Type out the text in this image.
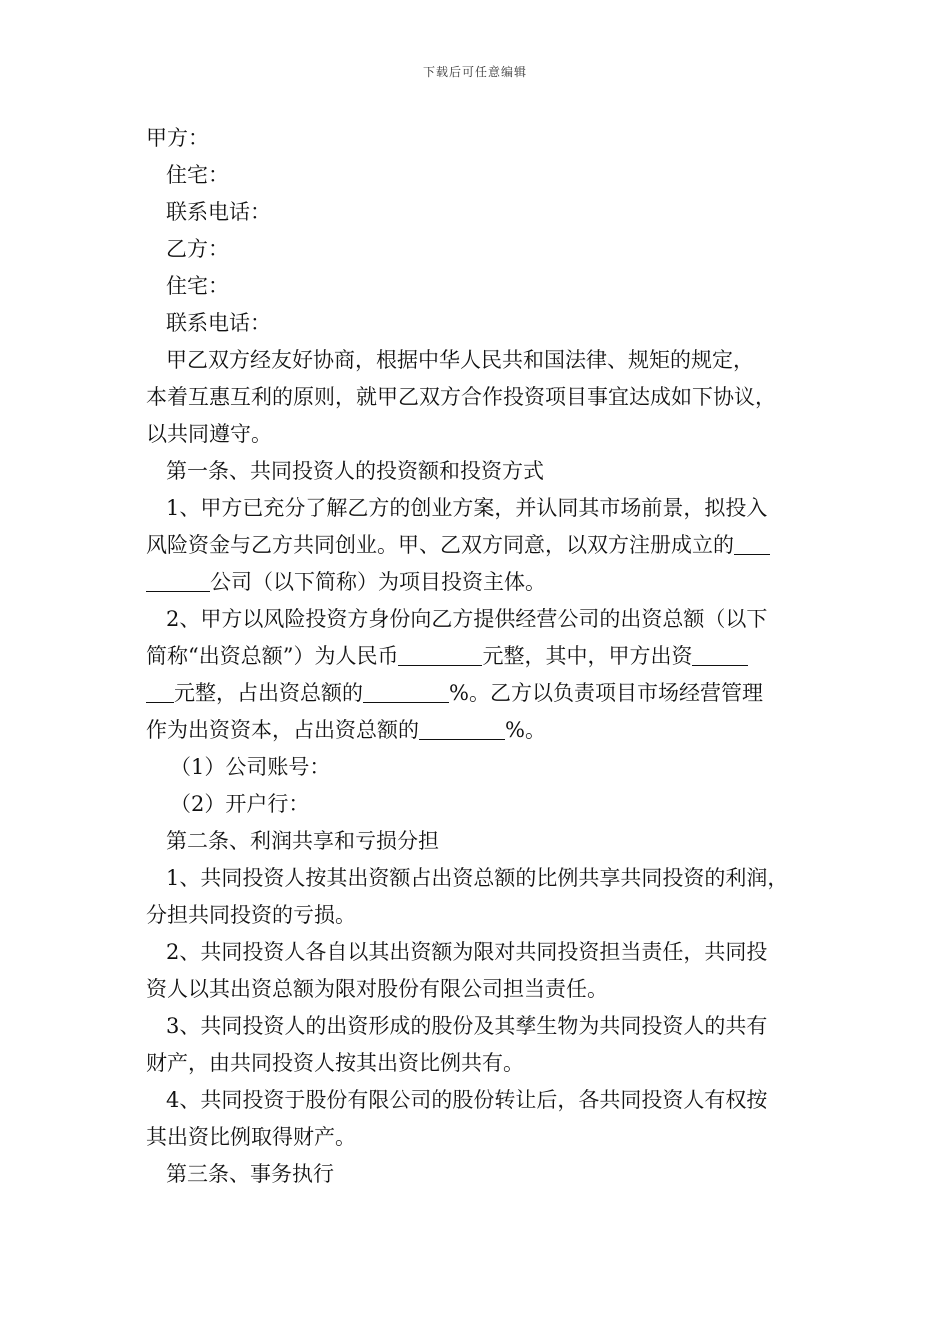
下载后可任意编辑
甲方：
住宅：
联系电话：
乙方：
住宅：
联系电话：
甲乙双方经友好协商，根据中华人民共和国法律、规矩的规定，
本着互惠互利的原则，就甲乙双方合作投资项目事宜达成如下协议，
以共同遵守。
第一条、共同投资人的投资额和投资方式
1、甲方已充分了解乙方的创业方案，并认同其市场前景，拟投入
风险资金与乙方共同创业。甲、乙双方同意，以双方注册成立的
公司（以下简称）为项目投资主体。
2、甲方以风险投资方身份向乙方提供经营公司的出资总额（以下
简称“出资总额”）为人民币	元整，其中，甲方出资
元整，占出资总额的	%。乙方以负责项目市场经营管理
作为出资资本，占出资总额的	%。
（1）公司账号：
（2）开户行：
第二条、利润共享和亏损分担
1、共同投资人按其出资额占出资总额的比例共享共同投资的利润，
分担共同投资的亏损。
2、共同投资人各自以其出资额为限对共同投资担当责任，共同投
资人以其出资总额为限对股份有限公司担当责任。
3、共同投资人的出资形成的股份及其孳生物为共同投资人的共有
财产，由共同投资人按其出资比例共有。
4、共同投资于股份有限公司的股份转让后，各共同投资人有权按
其出资比例取得财产。
第三条、事务执行
